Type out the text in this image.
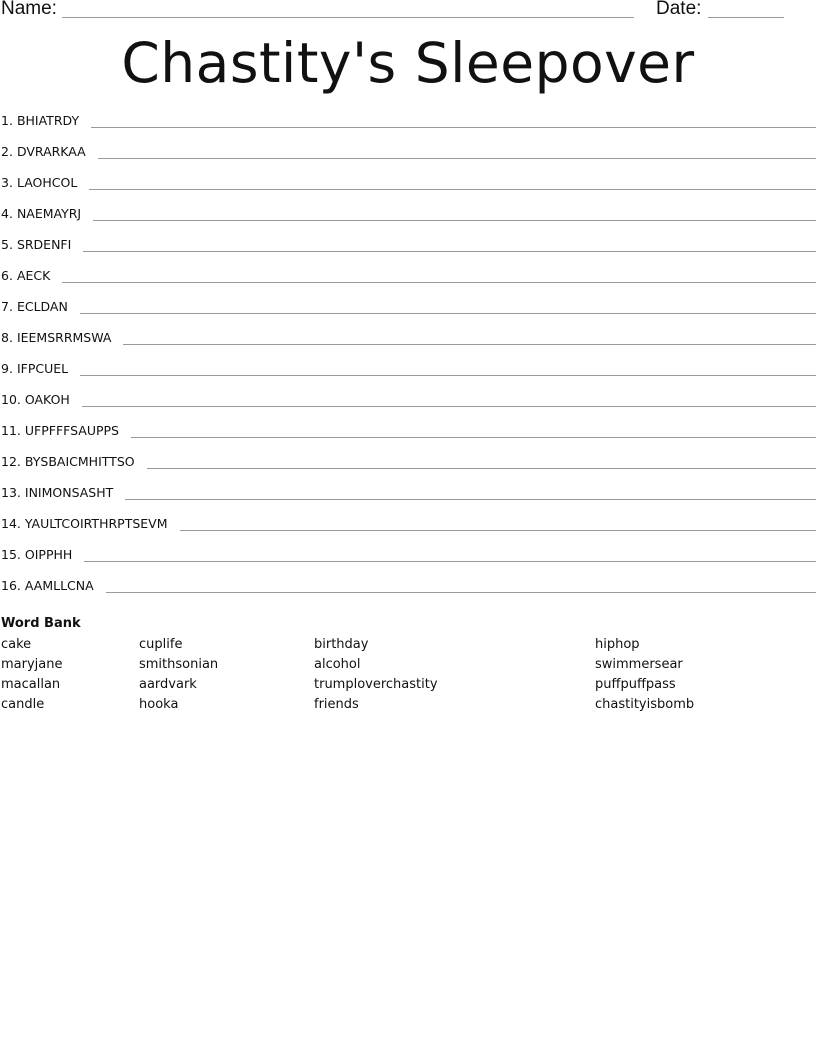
Name:	Date:
Chastity's Sleepover
1. BHIATRDY
2. DVRARKAA
3. LAOHCOL
4. NAEMAYRJ
5. SRDENFI
6. AECK
7. ECLDAN
8. IEEMSRRMSWA
9. IFPCUEL
10. OAKOH
11. UFPFFFSAUPPS
12. BYSBAICMHITTSO
13. INIMONSASHT
14. YAULTCOIRTHRPTSEVM
15. OIPPHH
16. AAMLLCNA
Word Bank
cake
maryjane
macallan
candle
cuplife
smithsonian
aardvark
hooka
birthday
alcohol
trumploverchastity
friends
hiphop
swimmersear
puffpuffpass
chastityisbomb
